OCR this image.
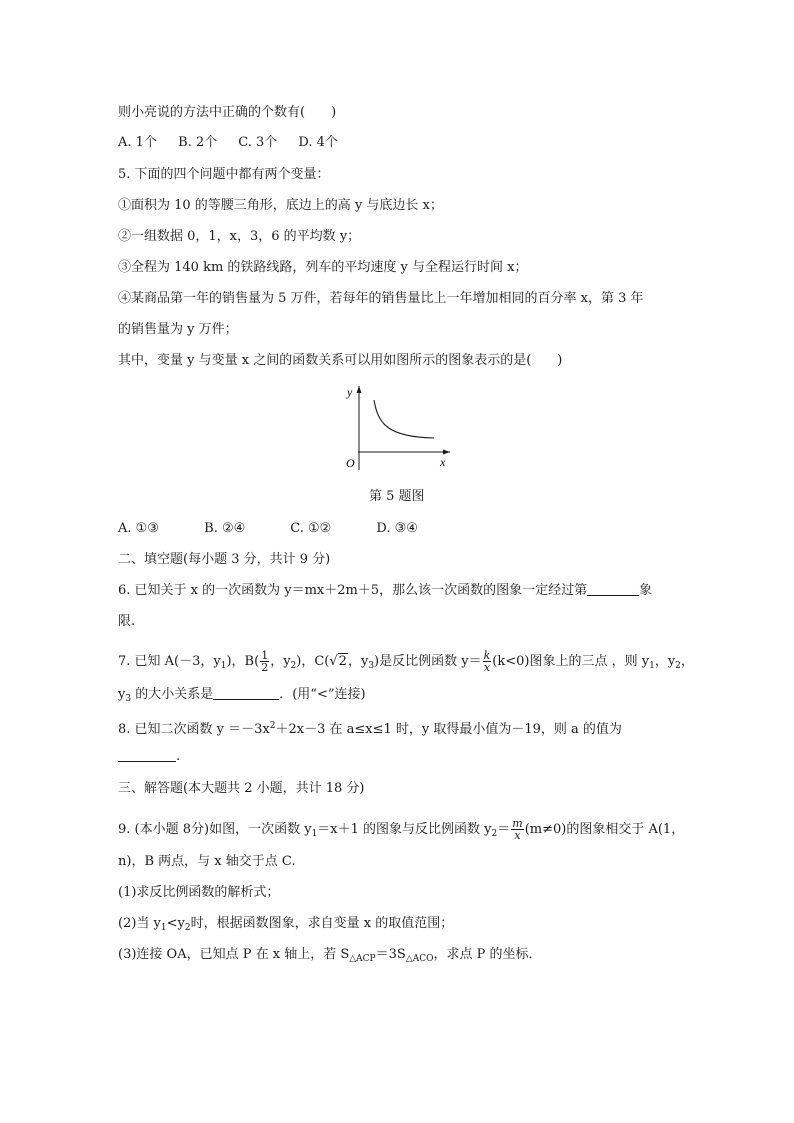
则小亮说的方法中正确的个数有(　　)
A. 1个 B. 2个 C. 3个 D. 4个
5. 下面的四个问题中都有两个变量：
①面积为 10 的等腰三角形，底边上的高 y 与底边长 x；
②一组数据 0，1，x，3，6 的平均数 y；
③全程为 140 km 的铁路线路，列车的平均速度 y 与全程运行时间 x；
④某商品第一年的销售量为 5 万件，若每年的销售量比上一年增加相同的百分率 x，第 3 年
的销售量为 y 万件；
其中，变量 y 与变量 x 之间的函数关系可以用如图所示的图象表示的是(　　)
y
x
O
第 5 题图
A. ①③	B. ②④	C. ①②	D. ③④
二、填空题(每小题 3 分，共计 9 分)
6. 已知关于 x 的一次函数为 y＝mx＋2m＋5，那么该一次函数的图象一定经过第	象
限.
7. 已知 A(－3，$y_1$)，$B( \frac{1}{2}$ ，$y_2$)，C(√2，$y_3$)是反比例函数 $y= \frac{k}{x} (k<0)$图象上的三点 ，则 $y_1$，$y_2$，
$y_3$ 的大小关系是	．(用“<”连接)
8. 已知二次函数 $y =-3x^2+2x-3$ 在 a≤x≤1 时，y 取得最小值为－19，则 a 的值为
.
三、解答题(本大题共 2 小题，共计 18 分)
9. (本小题 8分)如图，一次函数 $y_1=x+1$ 的图象与反比例函数 $y_2= \frac{m}{x} (m\ne 0)$的图象相交于 A(1，
n)，B 两点，与 x 轴交于点 C.
(1)求反比例函数的解析式；
(2)当 $y_1<y_2$时，根据函数图象，求自变量 x 的取值范围；
(3)连接 OA，已知点 P 在 x 轴上，若 $S_{\triangle ACP}=3S_{\triangle ACO}$，求点 P 的坐标．
